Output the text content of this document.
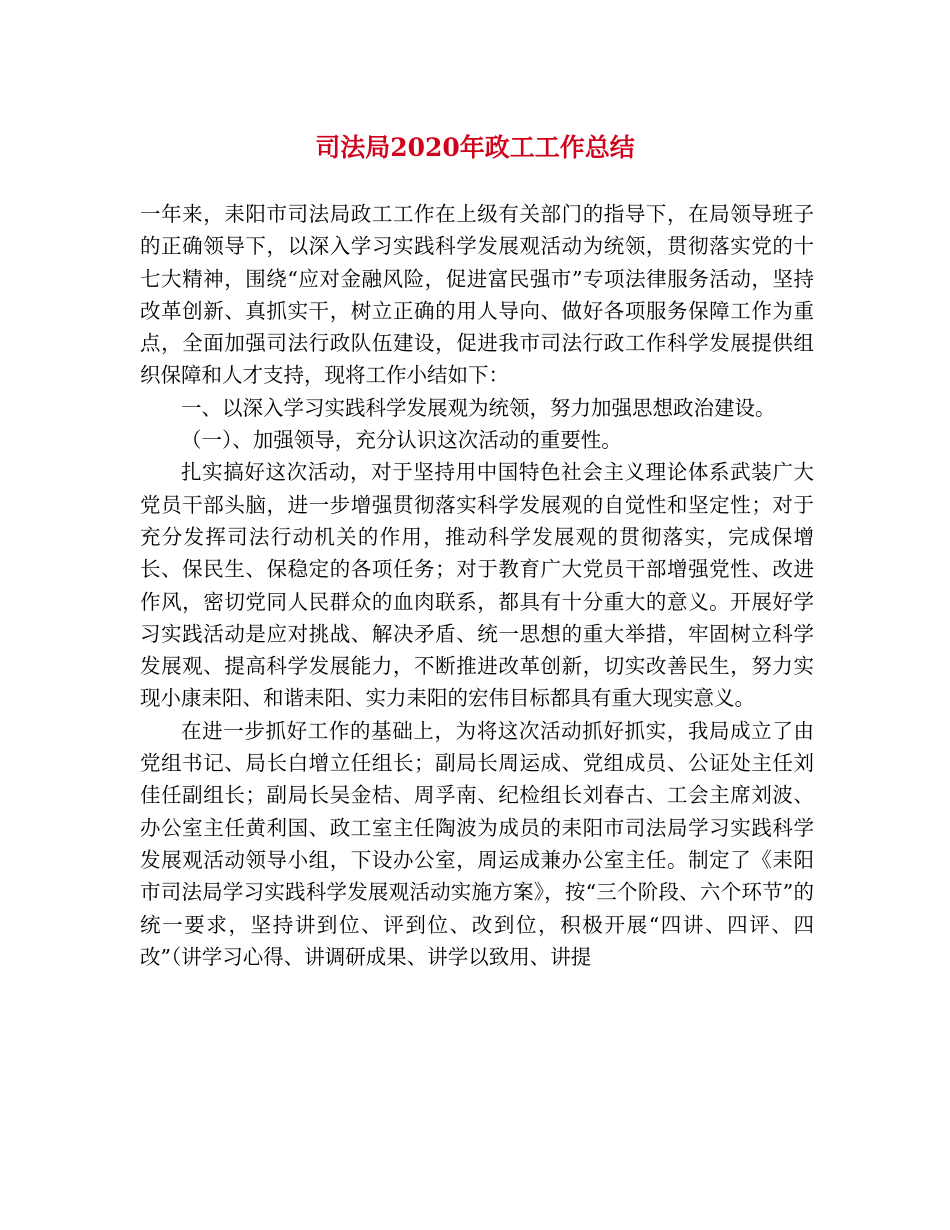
司法局2020年政工工作总结

一年来，耒阳市司法局政工工作在上级有关部门的指导下，在局领导班子的正确领导下，以深入学习实践科学发展观活动为统领，贯彻落实党的十七大精神，围绕“应对金融风险，促进富民强市”专项法律服务活动，坚持改革创新、真抓实干，树立正确的用人导向、做好各项服务保障工作为重点，全面加强司法行政队伍建设，促进我市司法行政工作科学发展提供组织保障和人才支持，现将工作小结如下：

一、以深入学习实践科学发展观为统领，努力加强思想政治建设。

（一）、加强领导，充分认识这次活动的重要性。

扎实搞好这次活动，对于坚持用中国特色社会主义理论体系武装广大党员干部头脑，进一步增强贯彻落实科学发展观的自觉性和坚定性；对于充分发挥司法行动机关的作用，推动科学发展观的贯彻落实，完成保增长、保民生、保稳定的各项任务；对于教育广大党员干部增强党性、改进作风，密切党同人民群众的血肉联系，都具有十分重大的意义。开展好学习实践活动是应对挑战、解决矛盾、统一思想的重大举措，牢固树立科学发展观、提高科学发展能力，不断推进改革创新，切实改善民生，努力实现小康耒阳、和谐耒阳、实力耒阳的宏伟目标都具有重大现实意义。

在进一步抓好工作的基础上，为将这次活动抓好抓实，我局成立了由党组书记、局长白增立任组长；副局长周运成、党组成员、公证处主任刘佳任副组长；副局长吴金桔、周孚南、纪检组长刘春古、工会主席刘波、办公室主任黄利国、政工室主任陶波为成员的耒阳市司法局学习实践科学发展观活动领导小组，下设办公室，周运成兼办公室主任。制定了《耒阳市司法局学习实践科学发展观活动实施方案》，按“三个阶段、六个环节”的统一要求，坚持讲到位、评到位、改到位，积极开展“四讲、四评、四改”（讲学习心得、讲调研成果、讲学以致用、讲提
